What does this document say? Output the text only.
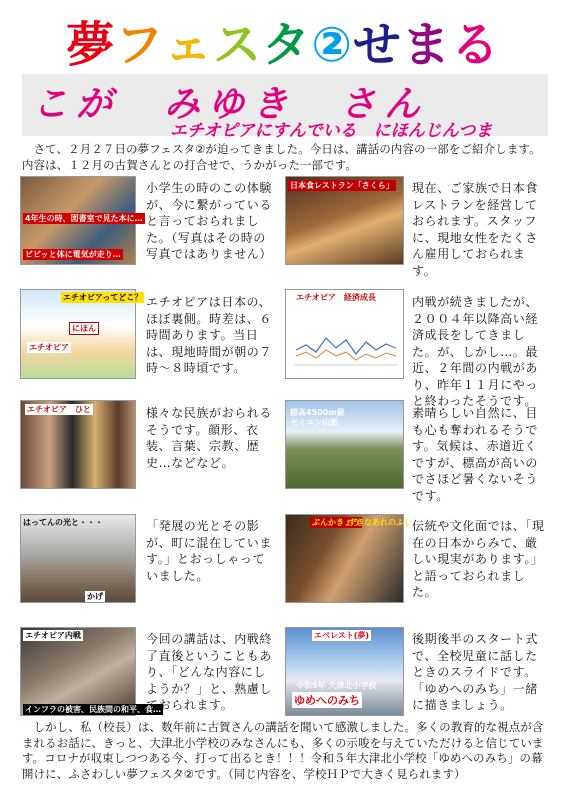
夢フェスタ②せまる
こが　みゆき　さん
エチオピアにすんでいる　にほんじんつま
　さて、２月２７日の夢フェスタ②が迫ってきました。今日は、講話の内容の一部をご紹介します。内容は、１２月の古賀さんとの打合せで、うかがった一部です。
4年生の時、図書室で見た本に…
ビビッと体に電気が走り…
小学生の時のこの体験が、今に繋がっていると言っておられました。（写真はその時の写真ではありません）
日本食レストラン「さくら」 現在、ご家族で日本食レストランを経営しておられます。スタッフに、現地女性をたくさん雇用しておられます。
エチオピアってどこ？
にほん
エチオピア
エチオピアは日本の、ほぼ裏側。時差は、６時間あります。当日は、現地時間が朝の７時～８時頃です。
エチオピア　経済成長	内戦が続きましたが、２００４年以降高い経済成長をしてきました。が、しかし…。最近、２年間の内戦があり、昨年１１月にやっと終わったそうです。
エチオピア　ひと	様々な民族がおられるそうです。顔形、衣装、言葉、宗教、歴史…などなど。
標高4500m級
セミエン山脈
素晴らしい自然に、目も心も奪われるそうです。気候は、赤道近くですが、標高が高いのでさほど暑くないそうです。
はってんの光と・・・
かげ
「発展の光とその影が、町に混在しています。」とおっしゃっていました。
ぶんかきょう
すきなあれのふし 伝統や文化面では、「現在の日本からみて、厳しい現実があります。」と語っておられました。
エチオピア内戦
インフラの被害、民族間の和平、食…
今回の講話は、内戦終了直後ということもあり、「どんな内容にしようか？」と、熟慮しておられます。
エベレスト(夢)
令和5年 大津北小学校
ゆめへのみち
後期後半のスタート式で、全校児童に話したときのスライドです。「ゆめへのみち」一緒に描きましょう。
　しかし、私（校長）は、数年前に古賀さんの講話を聞いて感激しました。多くの教育的な視点が含まれるお話に、きっと、大津北小学校のみなさんにも、多くの示唆を与えていただけると信じています。コロナが収束しつつある今、打って出るとき！！！令和５年大津北小学校「ゆめへのみち」の幕開けに、ふさわしい夢フェスタ②です。（同じ内容を、学校ＨＰで大きく見られます）
